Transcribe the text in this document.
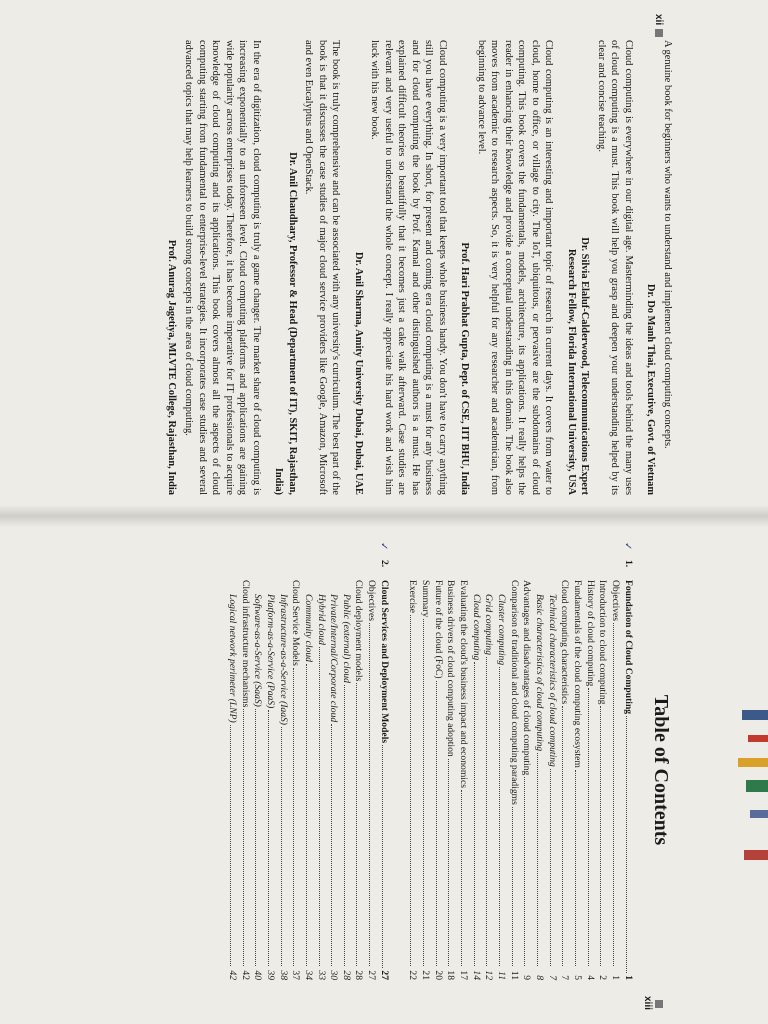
xii

A genuine book for beginners who wants to understand and implement cloud computing concepts.

Dr. Do Manh Thai, Executive, Govt. of Vietnam

Cloud computing is everywhere in our digital age. Masterminding the ideas and tools behind the many uses of cloud computing is a must. This book will help you grasp and deepen your understanding helped by its clear and concise teaching.

Dr. Silvia Elaluf-Calderwood, Telecommunications Expert
Research Fellow, Florida International University, USA

Cloud computing is an interesting and important topic of research in current days. It covers from water to cloud, home to office, or village to city. The IoT, ubiquitous, or pervasive are the subdomains of cloud computing. This book covers the fundamentals, models, architecture, its applications. It really helps the reader in enhancing their knowledge and provide a conceptual understanding in this domain. The book also moves from academic to research aspects. So, it is very helpful for any researcher and academician, from beginning to advance level.

Prof. Hari Prabhat Gupta, Dept. of CSE, IIT BHU, India

Cloud computing is a very important tool that keeps whole business handy. You don't have to carry anything still you have everything. In short, for present and coming era cloud computing is a must for any business and for cloud computing the book by Prof. Kamal and other distinguished authors is a must. He has explained difficult theories so beautifully that it becomes just a cake walk afterward. Case studies are relevant and very useful to understand the whole concept. I really appreciate his hard work and wish him luck with his new book.

Dr. Anil Sharma, Amity University Dubai, Dubai, UAE

The book is truly comprehensive and can be associated with any university's curriculum. The best part of the book is that it discusses the case studies of major cloud service providers like Google, Amazon, Microsoft and even Eucalyptus and OpenStack.

Dr. Anil Chaudhary, Professor & Head (Department of IT), SKIT, Rajasthan,
India)

In the era of digitization, cloud computing is truly a game changer. The market share of cloud computing is increasing exponentially to an unforeseen level. Cloud computing platforms and applications are gaining wide popularity across enterprises today. Therefore, it has become imperative for IT professionals to acquire knowledge of cloud computing and its applications. This book covers almost all the aspects of cloud computing starting from fundamental to enterprise-level strategies. It incorporates case studies and several advanced topics that may help learners to build strong concepts in the area of cloud computing.

Prof. Anurag Jagetiya, MLVTE College, Rajasthan, India
xiii
Table of Contents
✓
1.
Foundation of Cloud Computing
1
Objectives
1
Introduction to cloud computing
2
History of cloud computing
4
Fundamentals of the cloud computing ecosystem
5
Cloud computing characteristics
7
Technical characteristics of cloud computing
7
Basic characteristics of cloud computing
8
Advantages and disadvantages of cloud computing
9
Comparison of traditional and cloud computing paradigms
11
Cluster computing
11
Grid computing
12
Cloud computing
14
Evaluating the cloud's business impact and economics
17
Business drivers of cloud computing adoption
18
Future of the cloud (FoC)
20
Summary
21
Exercise
22
✓
2.
Cloud Services and Deployment Models
27
Objectives
27
Cloud deployment models
28
Public (external) cloud
28
Private/Internal/Corporate cloud
30
Hybrid cloud
33
Community cloud
34
Cloud Service Models
37
Infrastructure-as-a-Service (IaaS)
38
Platform-as-a-Service (PaaS)
39
Software-as-a-Service (SaaS)
40
Cloud infrastructure mechanisms
42
Logical network perimeter (LNP)
42
